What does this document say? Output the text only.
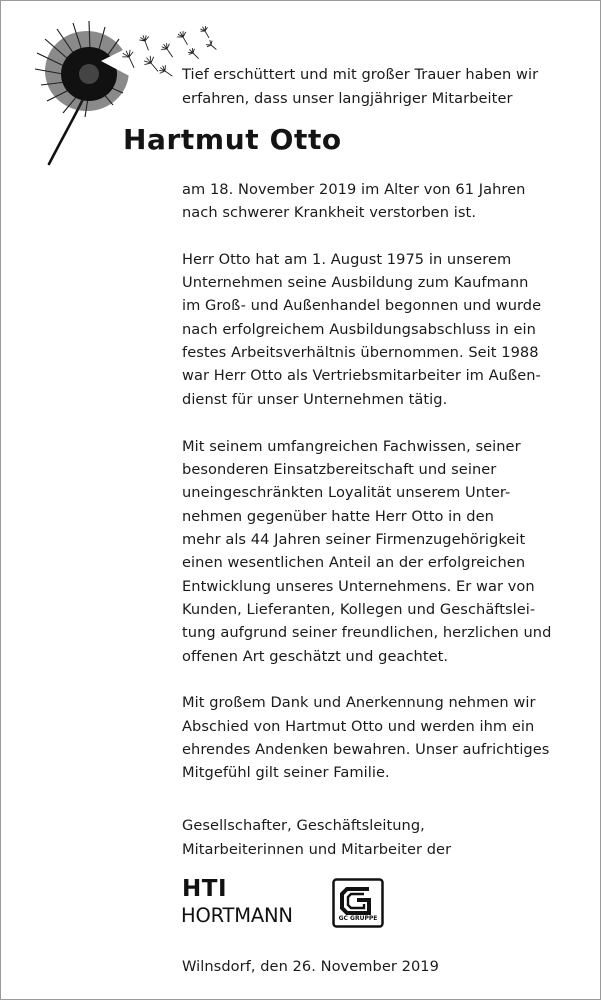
Tief erschüttert und mit großer Trauer haben wir

erfahren, dass unser langjähriger Mitarbeiter

Hartmut Otto

am 18. November 2019 im Alter von 61 Jahren

nach schwerer Krankheit verstorben ist.

Herr Otto hat am 1. August 1975 in unserem

Unternehmen seine Ausbildung zum Kaufmann

im Groß- und Außenhandel begonnen und wurde

nach erfolgreichem Ausbildungsabschluss in ein

festes Arbeitsverhältnis übernommen. Seit 1988

war Herr Otto als Vertriebsmitarbeiter im Außen-

dienst für unser Unternehmen tätig.

Mit seinem umfangreichen Fachwissen, seiner

besonderen Einsatzbereitschaft und seiner

uneingeschränkten Loyalität unserem Unter-

nehmen gegenüber hatte Herr Otto in den

mehr als 44 Jahren seiner Firmenzugehörigkeit

einen wesentlichen Anteil an der erfolgreichen

Entwicklung unseres Unternehmens. Er war von

Kunden, Lieferanten, Kollegen und Geschäftslei-

tung aufgrund seiner freundlichen, herzlichen und

offenen Art geschätzt und geachtet.

Mit großem Dank und Anerkennung nehmen wir

Abschied von Hartmut Otto und werden ihm ein

ehrendes Andenken bewahren. Unser aufrichtiges

Mitgefühl gilt seiner Familie.

Gesellschafter, Geschäftsleitung,

Mitarbeiterinnen und Mitarbeiter der

HTI
HORTMANN	GC GRUPPE

Wilnsdorf, den 26. November 2019
